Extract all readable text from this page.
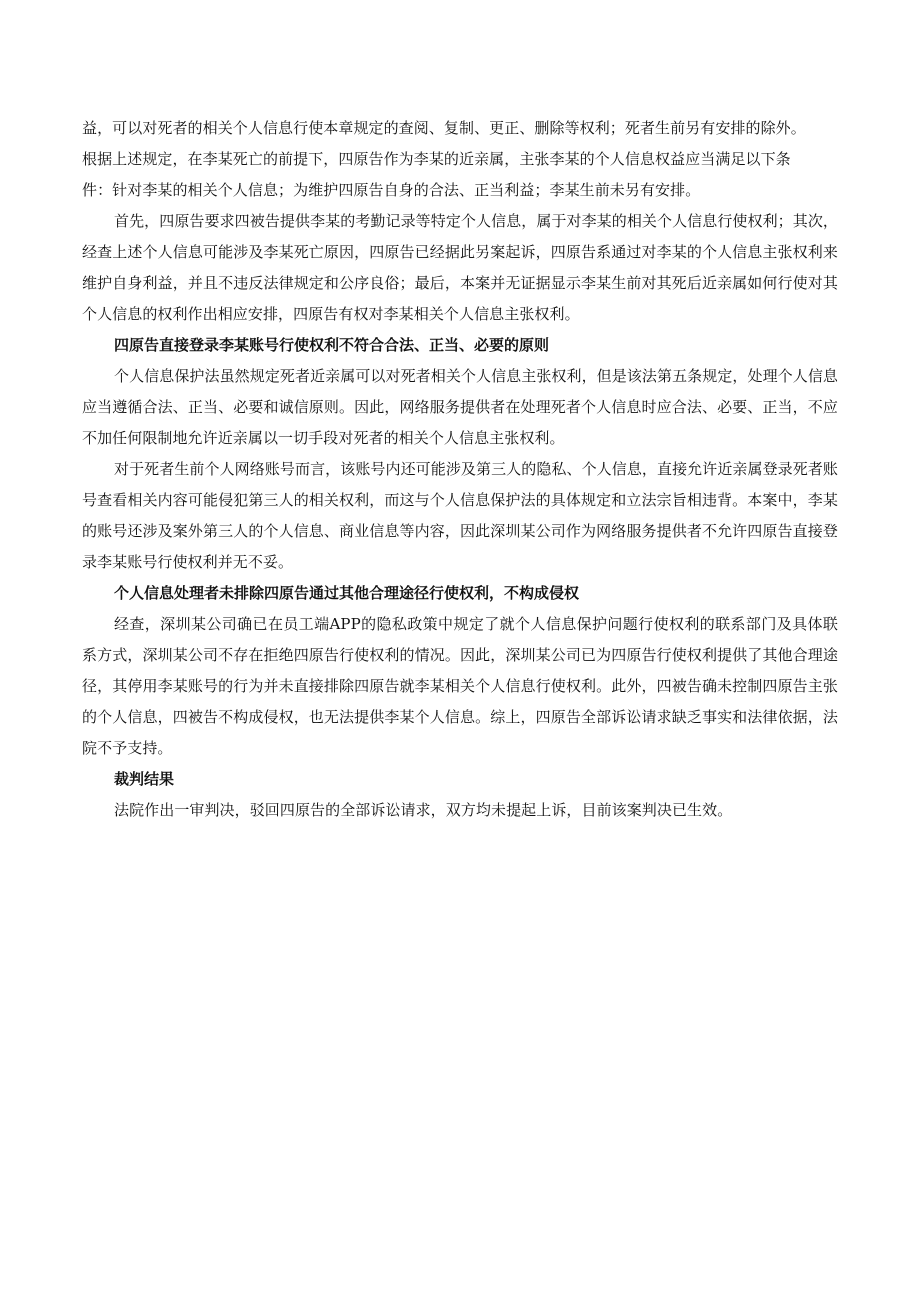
益，可以对死者的相关个人信息行使本章规定的查阅、复制、更正、删除等权利；死者生前另有安排的除外。
根据上述规定，在李某死亡的前提下，四原告作为李某的近亲属，主张李某的个人信息权益应当满足以下条
件：针对李某的相关个人信息；为维护四原告自身的合法、正当利益；李某生前未另有安排。

首先，四原告要求四被告提供李某的考勤记录等特定个人信息，属于对李某的相关个人信息行使权利；其次，经查上述个人信息可能涉及李某死亡原因，四原告已经据此另案起诉，四原告系通过对李某的个人信息主张权利来维护自身利益，并且不违反法律规定和公序良俗；最后，本案并无证据显示李某生前对其死后近亲属如何行使对其个人信息的权利作出相应安排，四原告有权对李某相关个人信息主张权利。

四原告直接登录李某账号行使权利不符合合法、正当、必要的原则

个人信息保护法虽然规定死者近亲属可以对死者相关个人信息主张权利，但是该法第五条规定，处理个人信息应当遵循合法、正当、必要和诚信原则。因此，网络服务提供者在处理死者个人信息时应合法、必要、正当，不应不加任何限制地允许近亲属以一切手段对死者的相关个人信息主张权利。

对于死者生前个人网络账号而言，该账号内还可能涉及第三人的隐私、个人信息，直接允许近亲属登录死者账号查看相关内容可能侵犯第三人的相关权利，而这与个人信息保护法的具体规定和立法宗旨相违背。本案中，李某的账号还涉及案外第三人的个人信息、商业信息等内容，因此深圳某公司作为网络服务提供者不允许四原告直接登录李某账号行使权利并无不妥。

个人信息处理者未排除四原告通过其他合理途径行使权利，不构成侵权

经查，深圳某公司确已在员工端APP的隐私政策中规定了就个人信息保护问题行使权利的联系部门及具体联系方式，深圳某公司不存在拒绝四原告行使权利的情况。因此，深圳某公司已为四原告行使权利提供了其他合理途径，其停用李某账号的行为并未直接排除四原告就李某相关个人信息行使权利。此外，四被告确未控制四原告主张的个人信息，四被告不构成侵权，也无法提供李某个人信息。综上，四原告全部诉讼请求缺乏事实和法律依据，法院不予支持。

裁判结果

法院作出一审判决，驳回四原告的全部诉讼请求，双方均未提起上诉，目前该案判决已生效。
